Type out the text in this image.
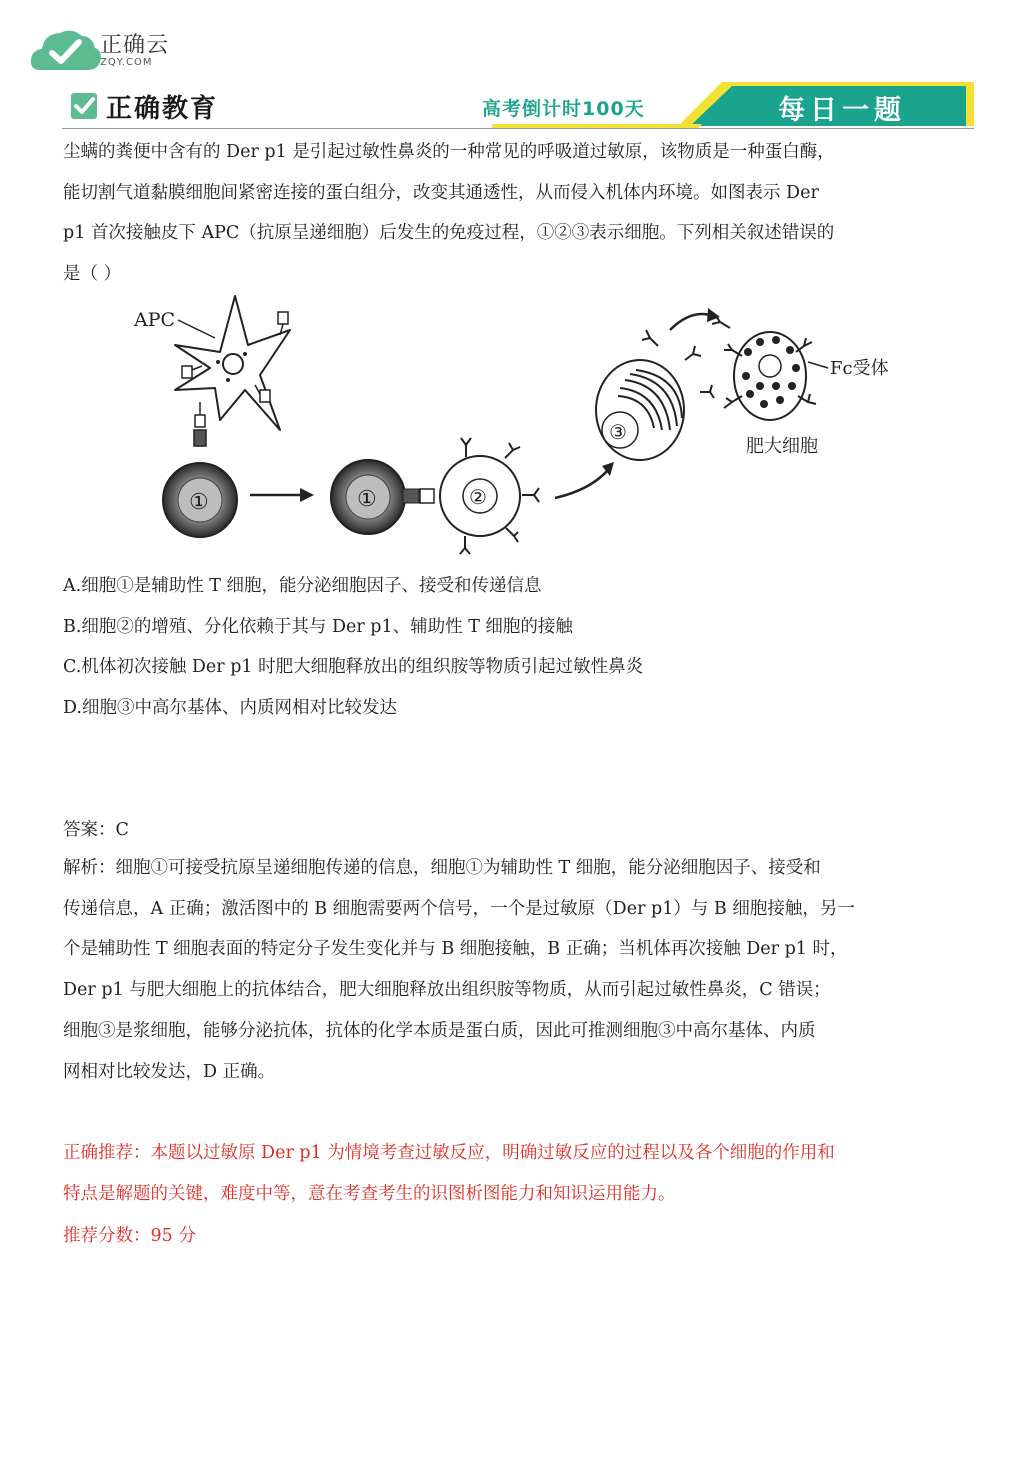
正确云
ZQY.COM
正确教育	高考倒计时100天	每日一题
尘螨的粪便中含有的 Der p1 是引起过敏性鼻炎的一种常见的呼吸道过敏原，该物质是一种蛋白酶，
能切割气道黏膜细胞间紧密连接的蛋白组分，改变其通透性，从而侵入机体内环境。如图表示 Der
p1 首次接触皮下 APC（抗原呈递细胞）后发生的免疫过程，①②③表示细胞。下列相关叙述错误的
是（ ）
APC
①	①	②
③
Fc受体
肥大细胞
A.细胞①是辅助性 T 细胞，能分泌细胞因子、接受和传递信息
B.细胞②的增殖、分化依赖于其与 Der p1、辅助性 T 细胞的接触
C.机体初次接触 Der p1 时肥大细胞释放出的组织胺等物质引起过敏性鼻炎
D.细胞③中高尔基体、内质网相对比较发达
答案：C
解析：细胞①可接受抗原呈递细胞传递的信息，细胞①为辅助性 T 细胞，能分泌细胞因子、接受和
传递信息，A 正确；激活图中的 B 细胞需要两个信号，一个是过敏原（Der p1）与 B 细胞接触，另一
个是辅助性 T 细胞表面的特定分子发生变化并与 B 细胞接触，B 正确；当机体再次接触 Der p1 时，
Der p1 与肥大细胞上的抗体结合，肥大细胞释放出组织胺等物质，从而引起过敏性鼻炎，C 错误；
细胞③是浆细胞，能够分泌抗体，抗体的化学本质是蛋白质，因此可推测细胞③中高尔基体、内质
网相对比较发达，D 正确。
正确推荐：本题以过敏原 Der p1 为情境考查过敏反应，明确过敏反应的过程以及各个细胞的作用和
特点是解题的关键，难度中等，意在考查考生的识图析图能力和知识运用能力。
推荐分数：95 分
